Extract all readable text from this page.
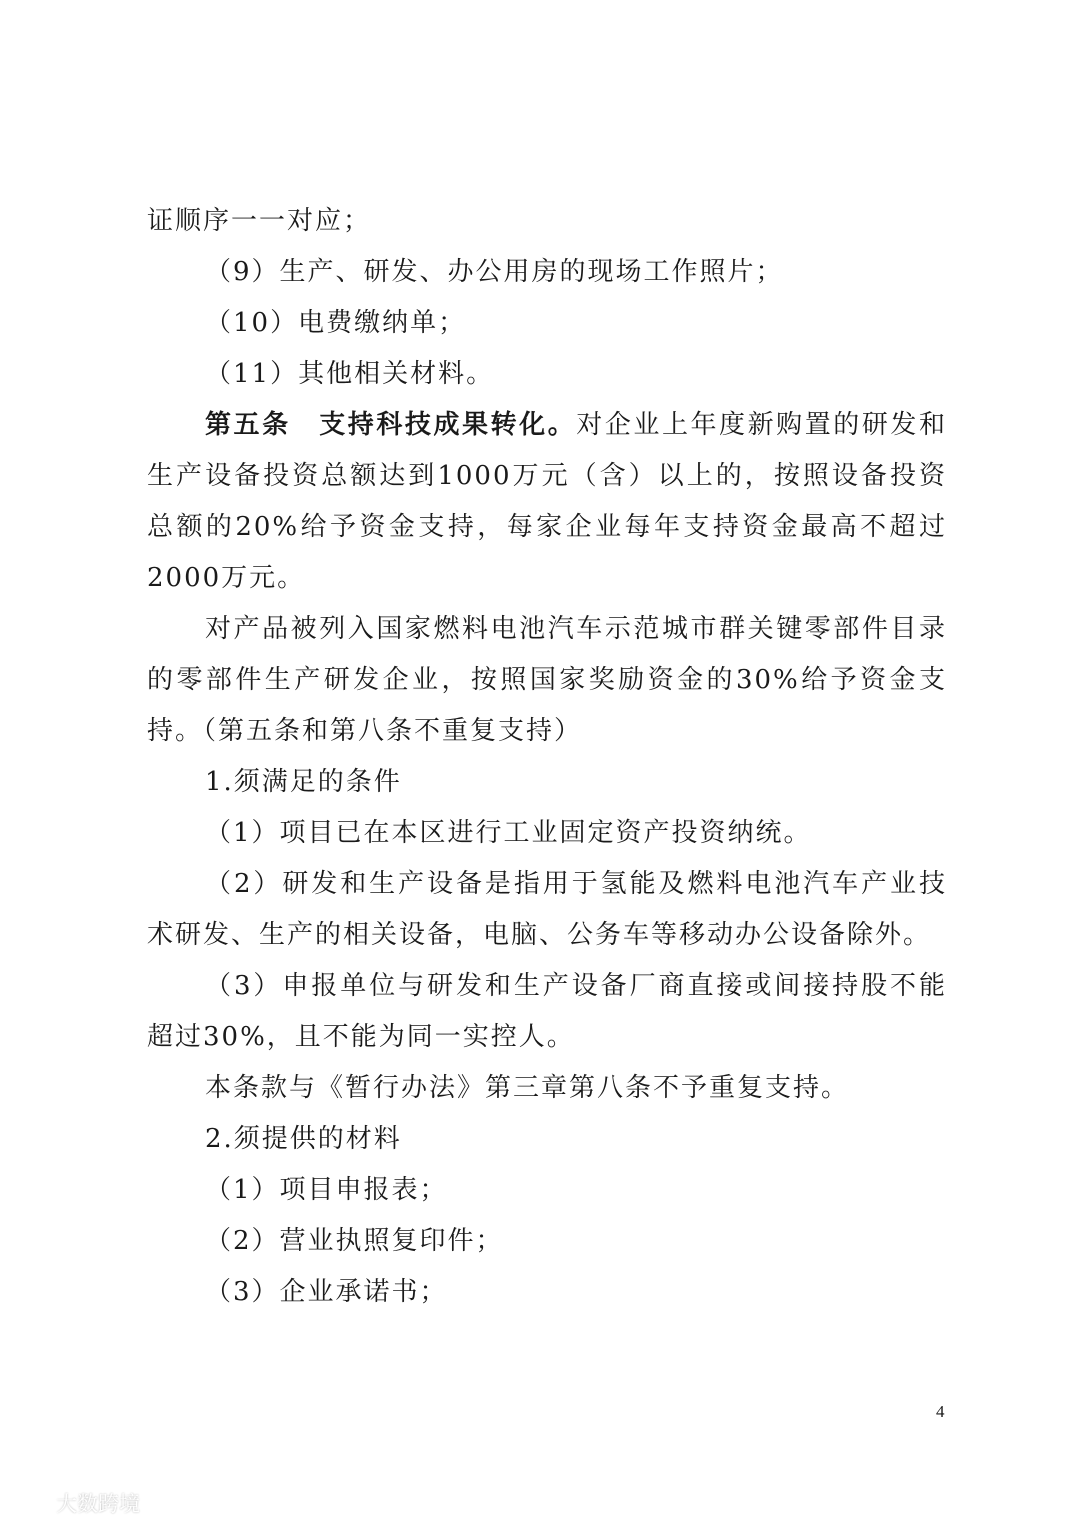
证顺序一一对应；

（9）生产、研发、办公用房的现场工作照片；

（10）电费缴纳单；

（11）其他相关材料。

第五条　支持科技成果转化。对企业上年度新购置的研发和生产设备投资总额达到1000万元（含）以上的，按照设备投资总额的20%给予资金支持，每家企业每年支持资金最高不超过2000万元。

对产品被列入国家燃料电池汽车示范城市群关键零部件目录的零部件生产研发企业，按照国家奖励资金的30%给予资金支持。（第五条和第八条不重复支持）

1.须满足的条件

（1）项目已在本区进行工业固定资产投资纳统。

（2）研发和生产设备是指用于氢能及燃料电池汽车产业技术研发、生产的相关设备，电脑、公务车等移动办公设备除外。

（3）申报单位与研发和生产设备厂商直接或间接持股不能超过30%，且不能为同一实控人。

本条款与《暂行办法》第三章第八条不予重复支持。

2.须提供的材料

（1）项目申报表；

（2）营业执照复印件；

（3）企业承诺书；

4
大数跨境
